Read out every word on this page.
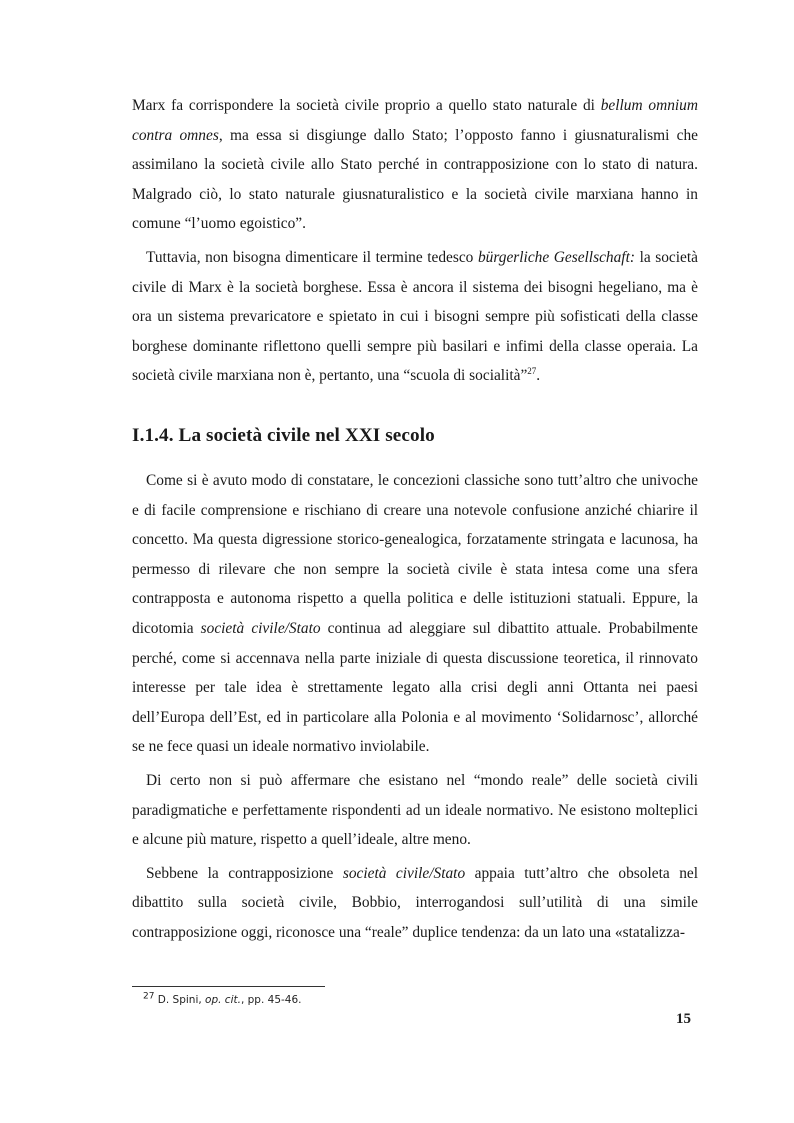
Marx fa corrispondere la società civile proprio a quello stato naturale di bellum omnium contra omnes, ma essa si disgiunge dallo Stato; l’opposto fanno i giusnaturalismi che assimilano la società civile allo Stato perché in contrapposizione con lo stato di natura. Malgrado ciò, lo stato naturale giusnaturalistico e la società civile marxiana hanno in comune “l’uomo egoistico”.

Tuttavia, non bisogna dimenticare il termine tedesco bürgerliche Gesellschaft: la società civile di Marx è la società borghese. Essa è ancora il sistema dei bisogni hegeliano, ma è ora un sistema prevaricatore e spietato in cui i bisogni sempre più sofisticati della classe borghese dominante riflettono quelli sempre più basilari e infimi della classe operaia. La società civile marxiana non è, pertanto, una “scuola di socialità”$^{27}$.

I.1.4. La società civile nel XXI secolo

Come si è avuto modo di constatare, le concezioni classiche sono tutt’altro che univoche e di facile comprensione e rischiano di creare una notevole confusione anziché chiarire il concetto. Ma questa digressione storico-genealogica, forzatamente stringata e lacunosa, ha permesso di rilevare che non sempre la società civile è stata intesa come una sfera contrapposta e autonoma rispetto a quella politica e delle istituzioni statuali. Eppure, la dicotomia società civile/Stato continua ad aleggiare sul dibattito attuale. Probabilmente perché, come si accennava nella parte iniziale di questa discussione teoretica, il rinnovato interesse per tale idea è strettamente legato alla crisi degli anni Ottanta nei paesi dell’Europa dell’Est, ed in particolare alla Polonia e al movimento ‘Solidarnosc’, allorché se ne fece quasi un ideale normativo inviolabile.

Di certo non si può affermare che esistano nel “mondo reale” delle società civili paradigmatiche e perfettamente rispondenti ad un ideale normativo. Ne esistono molteplici e alcune più mature, rispetto a quell’ideale, altre meno.

Sebbene la contrapposizione società civile/Stato appaia tutt’altro che obsoleta nel dibattito sulla società civile, Bobbio, interrogandosi sull’utilità di una simile contrapposizione oggi, riconosce una “reale” duplice tendenza: da un lato una «statalizza-

$^{27}$ D. Spini, op. cit., pp. 45-46.
15
